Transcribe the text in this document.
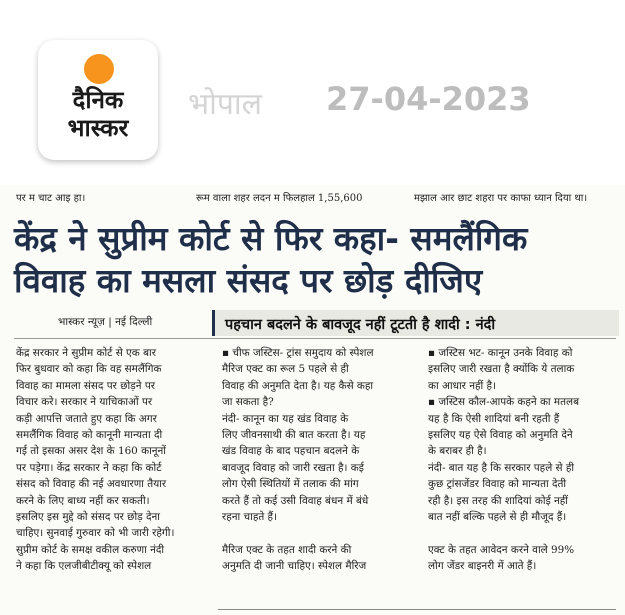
दैनिक
भास्कर
भोपाल 27-04-2023
पर म चाट आइ हा।	रूम वाला शहर लदन म फिलहाल 1,55,600	मझाल आर छाट शहरा पर काफा ध्यान दिया था।
केंद्र ने सुप्रीम कोर्ट से फिर कहा- समलैंगिक
विवाह का मसला संसद पर छोड़ दीजिए
भास्कर न्यूज़ | नई दिल्ली	पहचान बदलने के बावजूद नहीं टूटती है शादी : नंदी

केंद्र सरकार ने सुप्रीम कोर्ट से एक बार

फिर बुधवार को कहा कि वह समलैंगिक

विवाह का मामला संसद पर छोड़ने पर

विचार करे। सरकार ने याचिकाओं पर

कड़ी आपत्ति जताते हुए कहा कि अगर

समलैंगिक विवाह को कानूनी मान्यता दी

गई तो इसका असर देश के 160 कानूनों

पर पड़ेगा। केंद्र सरकार ने कहा कि कोर्ट

संसद को विवाह की नई अवधारणा तैयार

करने के लिए बाध्य नहीं कर सकती।

इसलिए इस मुद्दे को संसद पर छोड़ देना

चाहिए। सुनवाई गुरुवार को भी जारी रहेगी।

सुप्रीम कोर्ट के समक्ष वकील करुणा नंदी

ने कहा कि एलजीबीटीक्यू को स्पेशल

▪ चीफ जस्टिस- ट्रांस समुदाय को स्पेशल

मैरिज एक्ट का रूल 5 पहले से ही

विवाह की अनुमति देता है। यह कैसे कहा

जा सकता है?

नंदी- कानून का यह खंड विवाह के

लिए जीवनसाथी की बात करता है। यह

खंड विवाह के बाद पहचान बदलने के

बावजूद विवाह को जारी रखता है। कई

लोग ऐसी स्थितियों में तलाक की मांग

करते हैं तो कई उसी विवाह बंधन में बंधे

रहना चाहते हैं।

मैरिज एक्ट के तहत शादी करने की

अनुमति दी जानी चाहिए। स्पेशल मैरिज

▪ जस्टिस भट- कानून उनके विवाह को

इसलिए जारी रखता है क्योंकि ये तलाक

का आधार नहीं है।

▪ जस्टिस कौल-आपके कहने का मतलब

यह है कि ऐसी शादियां बनी रहती हैं

इसलिए यह ऐसे विवाह को अनुमति देने

के बराबर ही है।

नंदी- बात यह है कि सरकार पहले से ही

कुछ ट्रांसजेंडर विवाह को मान्यता देती

रही है। इस तरह की शादियां कोई नहीं

बात नहीं बल्कि पहले से ही मौजूद हैं।

एक्ट के तहत आवेदन करने वाले 99%

लोग जेंडर बाइनरी में आते हैं।
